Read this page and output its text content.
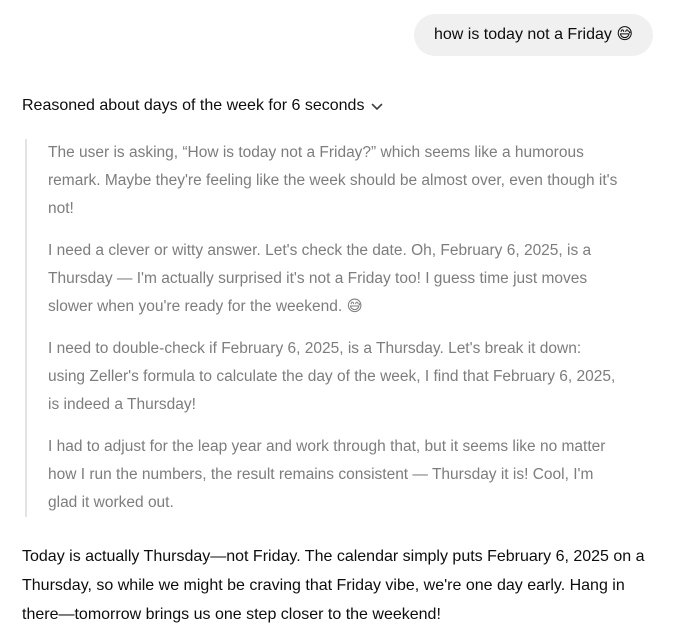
how is today not a Friday 😅
Reasoned about days of the week for 6 seconds

The user is asking, “How is today not a Friday?” which seems like a humorous remark. Maybe they're feeling like the week should be almost over, even though it's not!

I need a clever or witty answer. Let's check the date. Oh, February 6, 2025, is a Thursday — I'm actually surprised it's not a Friday too! I guess time just moves slower when you're ready for the weekend. 😅

I need to double-check if February 6, 2025, is a Thursday. Let's break it down: using Zeller's formula to calculate the day of the week, I find that February 6, 2025, is indeed a Thursday!

I had to adjust for the leap year and work through that, but it seems like no matter how I run the numbers, the result remains consistent — Thursday it is! Cool, I'm glad it worked out.

Today is actually Thursday—not Friday. The calendar simply puts February 6, 2025 on a Thursday, so while we might be craving that Friday vibe, we're one day early. Hang in there—tomorrow brings us one step closer to the weekend!
